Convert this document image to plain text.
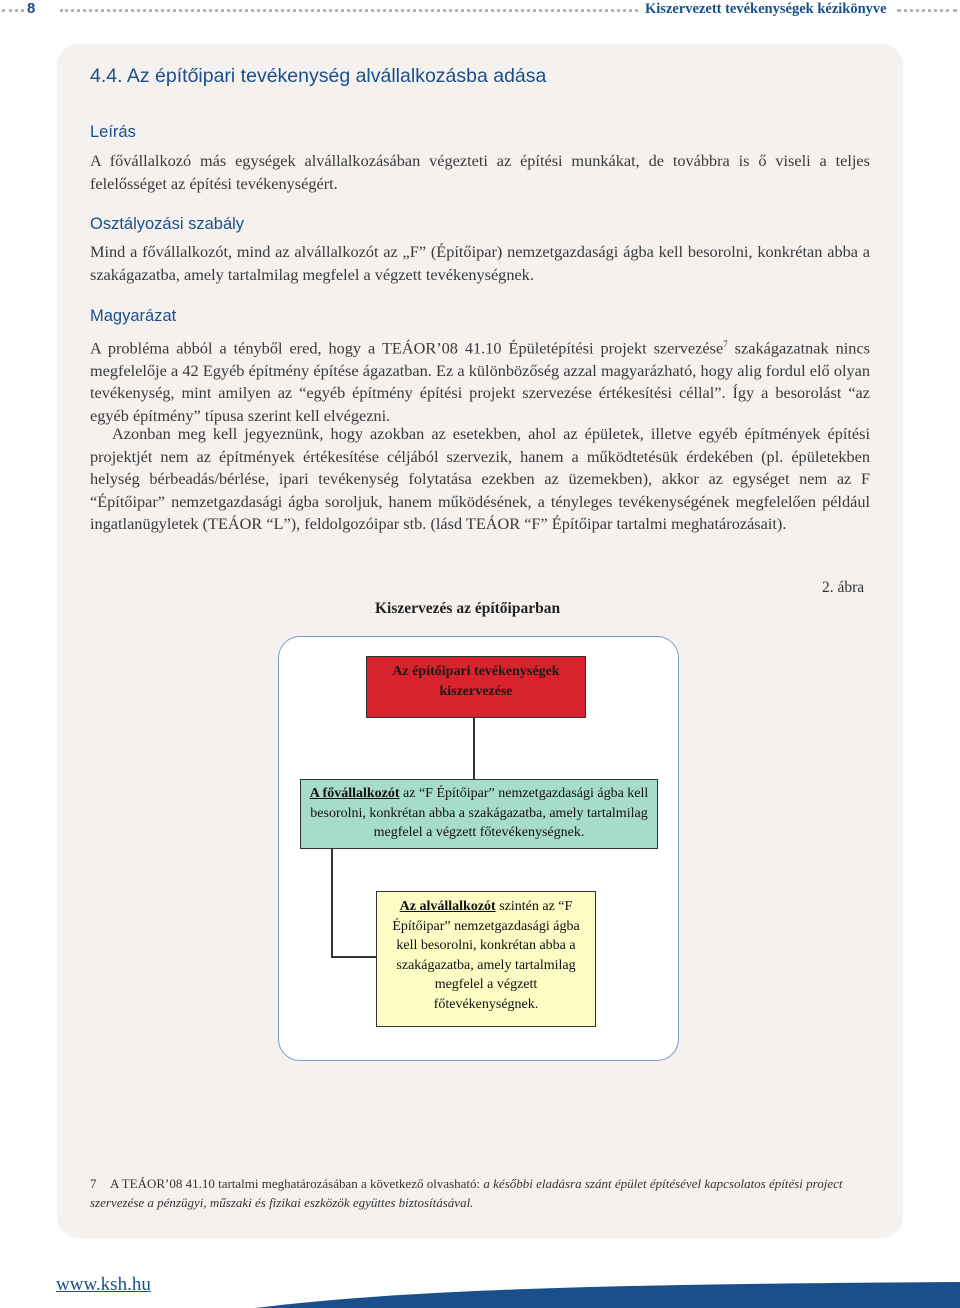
8	Kiszervezett tevékenységek kézikönyve
4.4. Az építőipari tevékenység alvállalkozásba adása
Leírás
A fővállalkozó más egységek alvállalkozásában végezteti az építési munkákat, de továbbra is ő viseli a teljes felelősséget az építési tevékenységért.
Osztályozási szabály
Mind a fővállalkozót, mind az alvállalkozót az „F” (Építőipar) nemzetgazdasági ágba kell besorolni, konkrétan abba a szakágazatba, amely tartalmilag megfelel a végzett tevékenységnek.
Magyarázat
A probléma abból a tényből ered, hogy a TEÁOR’08 41.10 Épületépítési projekt szervezése$^7$ szakágazatnak nincs megfelelője a 42 Egyéb építmény építése ágazatban. Ez a különbözőség azzal magyarázható, hogy alig fordul elő olyan tevékenység, mint amilyen az “egyéb építmény építési projekt szervezése értékesítési céllal”. Így a besorolást “az egyéb építmény” típusa szerint kell elvégezni.
Azonban meg kell jegyeznünk, hogy azokban az esetekben, ahol az épületek, illetve egyéb építmények építési projektjét nem az építmények értékesítése céljából szervezik, hanem a működtetésük érdekében (pl. épületekben helység bérbeadás/bérlése, ipari tevékenység folytatása ezekben az üzemekben), akkor az egységet nem az F “Építőipar” nemzetgazdasági ágba soroljuk, hanem működésének, a tényleges tevékenységének megfelelően például ingatlanügyletek (TEÁOR “L”), feldolgozóipar stb. (lásd TEÁOR “F” Építőipar tartalmi meghatározásait).
2. ábra
Kiszervezés az építőiparban
Az építőipari tevékenységek kiszervezése
A fővállalkozót az “F Építőipar” nemzetgazdasági ágba kell besorolni, konkrétan abba a szakágazatba, amely tartalmilag megfelel a végzett főtevékenységnek.
Az alvállalkozót szintén az “F Építőipar” nemzetgazdasági ágba kell besorolni, konkrétan abba a szakágazatba, amely tartalmilag megfelel a végzett főtevékenységnek.
7 A TEÁOR’08 41.10 tartalmi meghatározásában a következő olvasható: a későbbi eladásra szánt épület építésével kapcsolatos építési project szervezése a pénzügyi, műszaki és fizikai eszközök együttes biztosításával.
www.ksh.hu
